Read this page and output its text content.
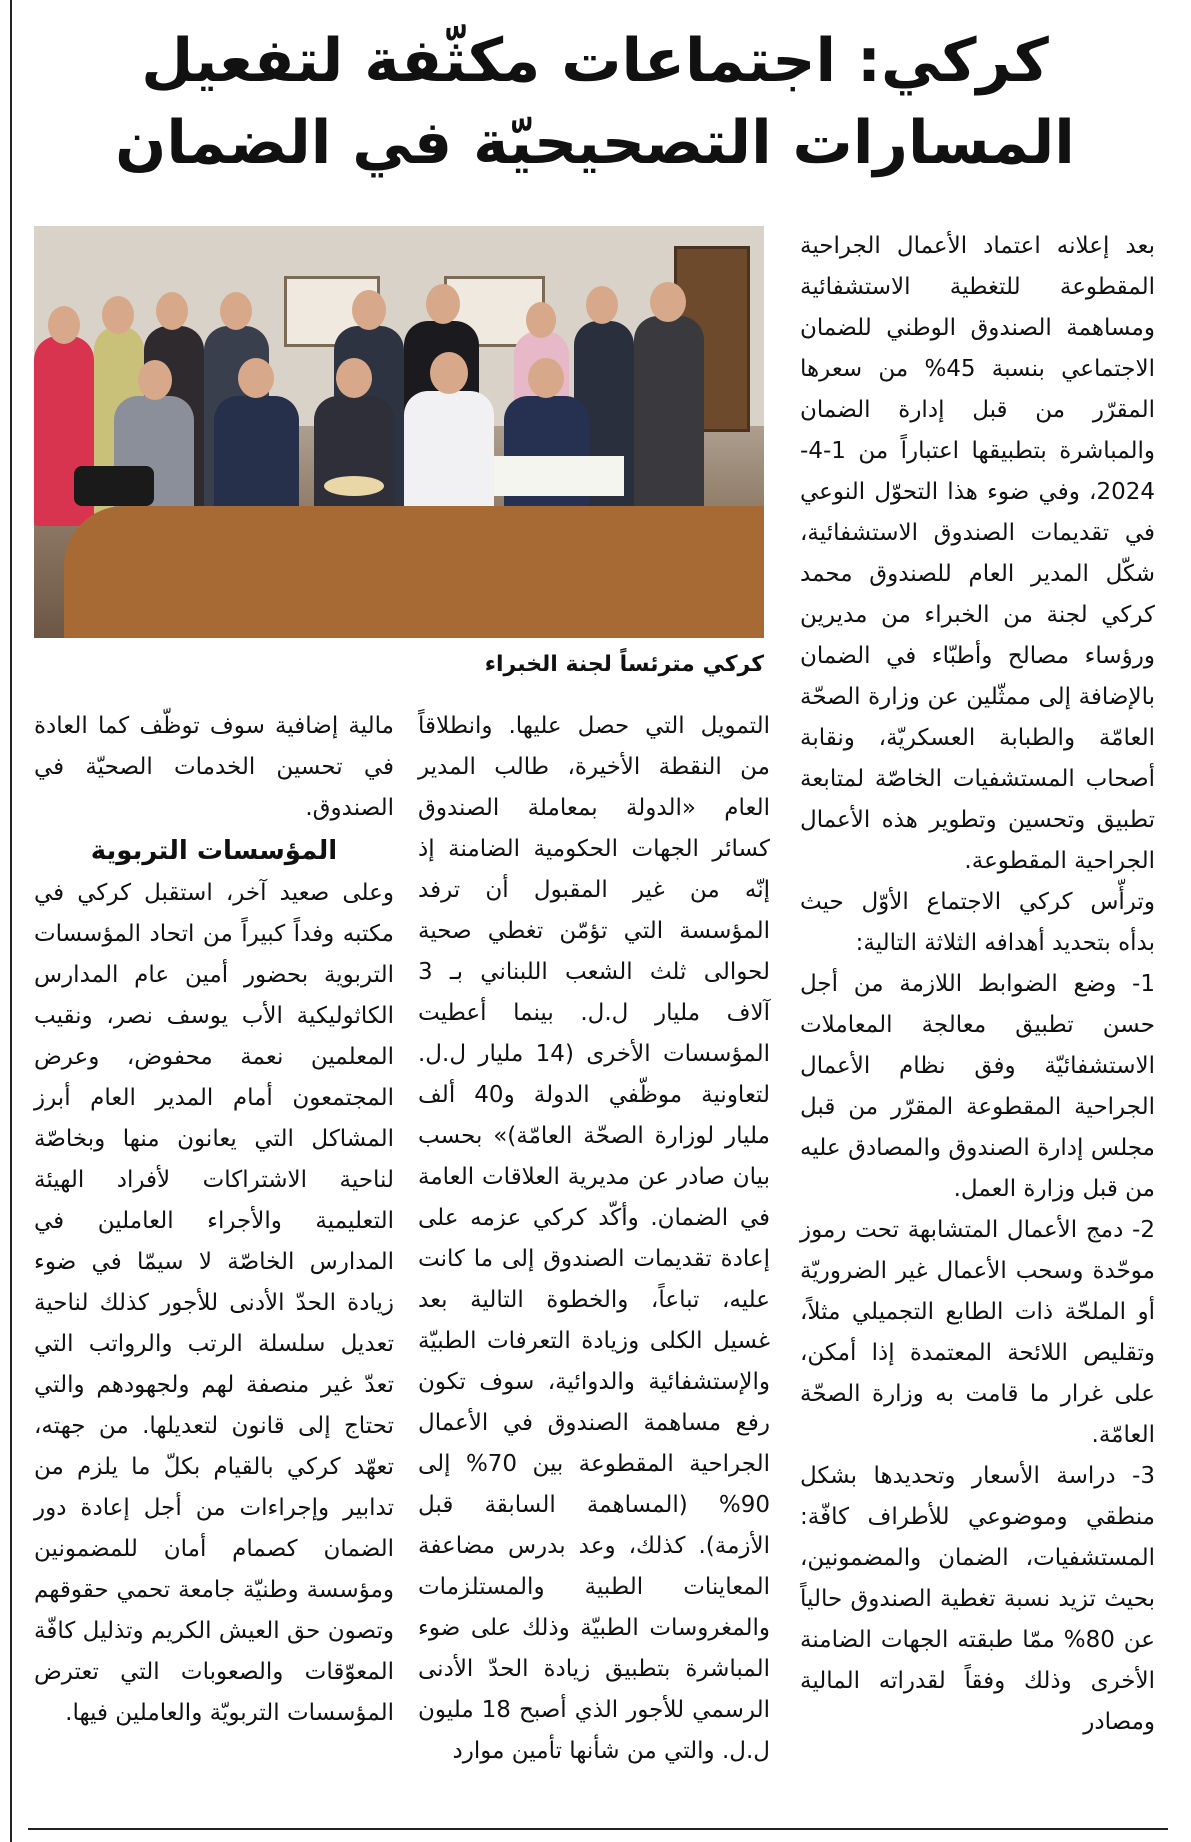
كركي: اجتماعات مكثّفة لتفعيل
المسارات التصحيحيّة في الضمان
كركي مترئساً لجنة الخبراء

بعد إعلانه اعتماد الأعمال الجراحية المقطوعة للتغطية الاستشفائية ومساهمة الصندوق الوطني للضمان الاجتماعي بنسبة 45% من سعرها المقرّر من قبل إدارة الضمان والمباشرة بتطبيقها اعتباراً من 1-4-2024، وفي ضوء هذا التحوّل النوعي في تقديمات الصندوق الاستشفائية، شكّل المدير العام للصندوق محمد كركي لجنة من الخبراء من مديرين ورؤساء مصالح وأطبّاء في الضمان بالإضافة إلى ممثّلين عن وزارة الصحّة العامّة والطبابة العسكريّة، ونقابة أصحاب المستشفيات الخاصّة لمتابعة تطبيق وتحسين وتطوير هذه الأعمال الجراحية المقطوعة.

وترأّس كركي الاجتماع الأوّل حيث بدأه بتحديد أهدافه الثلاثة التالية:

1- وضع الضوابط اللازمة من أجل حسن تطبيق معالجة المعاملات الاستشفائيّة وفق نظام الأعمال الجراحية المقطوعة المقرّر من قبل مجلس إدارة الصندوق والمصادق عليه من قبل وزارة العمل.

2- دمج الأعمال المتشابهة تحت رموز موحّدة وسحب الأعمال غير الضروريّة أو الملحّة ذات الطابع التجميلي مثلاً، وتقليص اللائحة المعتمدة إذا أمكن، على غرار ما قامت به وزارة الصحّة العامّة.

3- دراسة الأسعار وتحديدها بشكل منطقي وموضوعي للأطراف كافّة: المستشفيات، الضمان والمضمونين، بحيث تزيد نسبة تغطية الصندوق حالياً عن 80% ممّا طبقته الجهات الضامنة الأخرى وذلك وفقاً لقدراته المالية ومصادر

التمويل التي حصل عليها. وانطلاقاً من النقطة الأخيرة، طالب المدير العام «الدولة بمعاملة الصندوق كسائر الجهات الحكومية الضامنة إذ إنّه من غير المقبول أن ترفد المؤسسة التي تؤمّن تغطي صحية لحوالى ثلث الشعب اللبناني بـ 3 آلاف مليار ل.ل. بينما أعطيت المؤسسات الأخرى (14 مليار ل.ل. لتعاونية موظّفي الدولة و40 ألف مليار لوزارة الصحّة العامّة)» بحسب بيان صادر عن مديرية العلاقات العامة في الضمان. وأكّد كركي عزمه على إعادة تقديمات الصندوق إلى ما كانت عليه، تباعاً، والخطوة التالية بعد غسيل الكلى وزيادة التعرفات الطبيّة والإستشفائية والدوائية، سوف تكون رفع مساهمة الصندوق في الأعمال الجراحية المقطوعة بين 70% إلى 90% (المساهمة السابقة قبل الأزمة). كذلك، وعد بدرس مضاعفة المعاينات الطبية والمستلزمات والمغروسات الطبيّة وذلك على ضوء المباشرة بتطبيق زيادة الحدّ الأدنى الرسمي للأجور الذي أصبح 18 مليون ل.ل. والتي من شأنها تأمين موارد

مالية إضافية سوف توظّف كما العادة في تحسين الخدمات الصحيّة في الصندوق.

المؤسسات التربوية

وعلى صعيد آخر، استقبل كركي في مكتبه وفداً كبيراً من اتحاد المؤسسات التربوية بحضور أمين عام المدارس الكاثوليكية الأب يوسف نصر، ونقيب المعلمين نعمة محفوض، وعرض المجتمعون أمام المدير العام أبرز المشاكل التي يعانون منها وبخاصّة لناحية الاشتراكات لأفراد الهيئة التعليمية والأجراء العاملين في المدارس الخاصّة لا سيمّا في ضوء زيادة الحدّ الأدنى للأجور كذلك لناحية تعديل سلسلة الرتب والرواتب التي تعدّ غير منصفة لهم ولجهودهم والتي تحتاج إلى قانون لتعديلها. من جهته، تعهّد كركي بالقيام بكلّ ما يلزم من تدابير وإجراءات من أجل إعادة دور الضمان كصمام أمان للمضمونين ومؤسسة وطنيّة جامعة تحمي حقوقهم وتصون حق العيش الكريم وتذليل كافّة المعوّقات والصعوبات التي تعترض المؤسسات التربويّة والعاملين فيها.
